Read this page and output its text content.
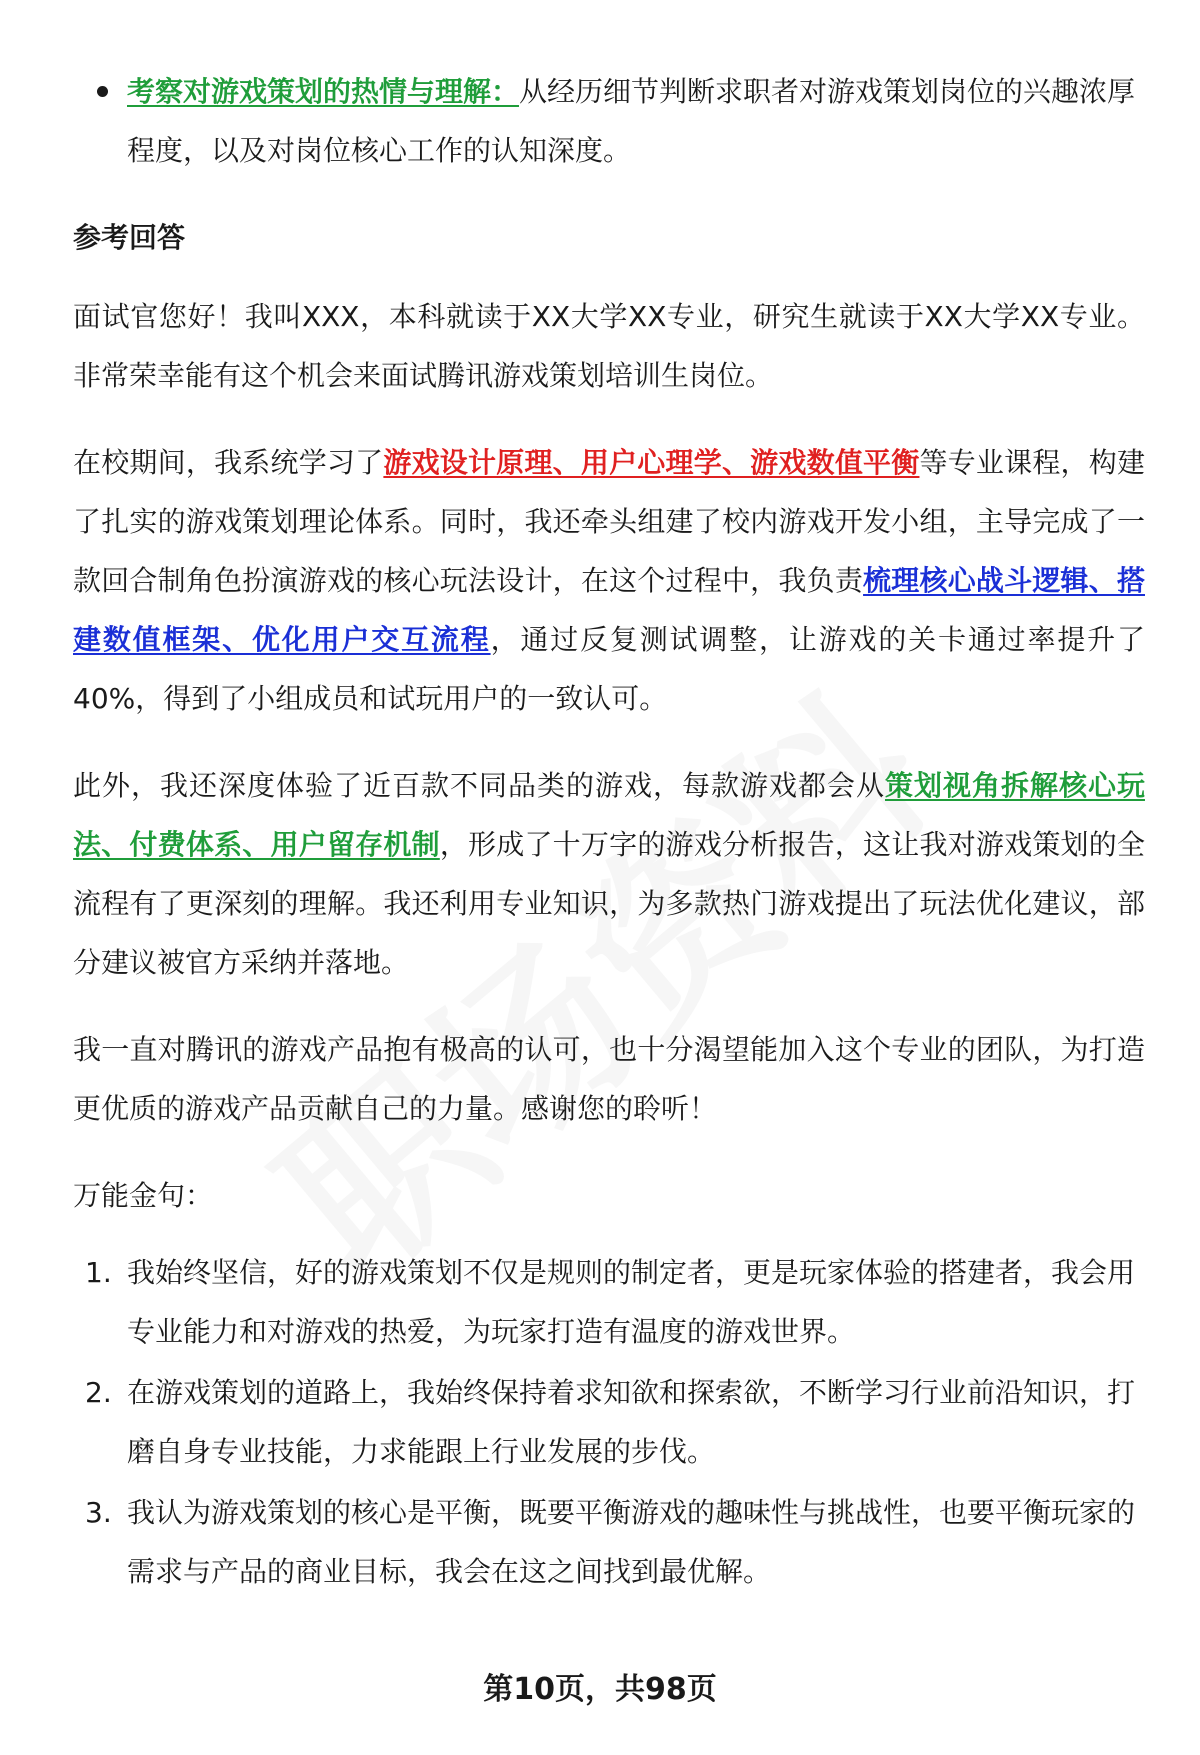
考察对游戏策划的热情与理解：从经历细节判断求职者对游戏策划岗位的兴趣浓厚程度，以及对岗位核心工作的认知深度。
参考回答

面试官您好！我叫XXX，本科就读于XX大学XX专业，研究生就读于XX大学XX专业。非常荣幸能有这个机会来面试腾讯游戏策划培训生岗位。

在校期间，我系统学习了游戏设计原理、用户心理学、游戏数值平衡等专业课程，构建了扎实的游戏策划理论体系。同时，我还牵头组建了校内游戏开发小组，主导完成了一款回合制角色扮演游戏的核心玩法设计，在这个过程中，我负责梳理核心战斗逻辑、搭建数值框架、优化用户交互流程，通过反复测试调整，让游戏的关卡通过率提升了40%，得到了小组成员和试玩用户的一致认可。

此外，我还深度体验了近百款不同品类的游戏，每款游戏都会从策划视角拆解核心玩法、付费体系、用户留存机制，形成了十万字的游戏分析报告，这让我对游戏策划的全流程有了更深刻的理解。我还利用专业知识，为多款热门游戏提出了玩法优化建议，部分建议被官方采纳并落地。

我一直对腾讯的游戏产品抱有极高的认可，也十分渴望能加入这个专业的团队，为打造更优质的游戏产品贡献自己的力量。感谢您的聆听！

万能金句：
1. 我始终坚信，好的游戏策划不仅是规则的制定者，更是玩家体验的搭建者，我会用专业能力和对游戏的热爱，为玩家打造有温度的游戏世界。
2. 在游戏策划的道路上，我始终保持着求知欲和探索欲，不断学习行业前沿知识，打磨自身专业技能，力求能跟上行业发展的步伐。
3. 我认为游戏策划的核心是平衡，既要平衡游戏的趣味性与挑战性，也要平衡玩家的需求与产品的商业目标，我会在这之间找到最优解。
第10页，共98页
